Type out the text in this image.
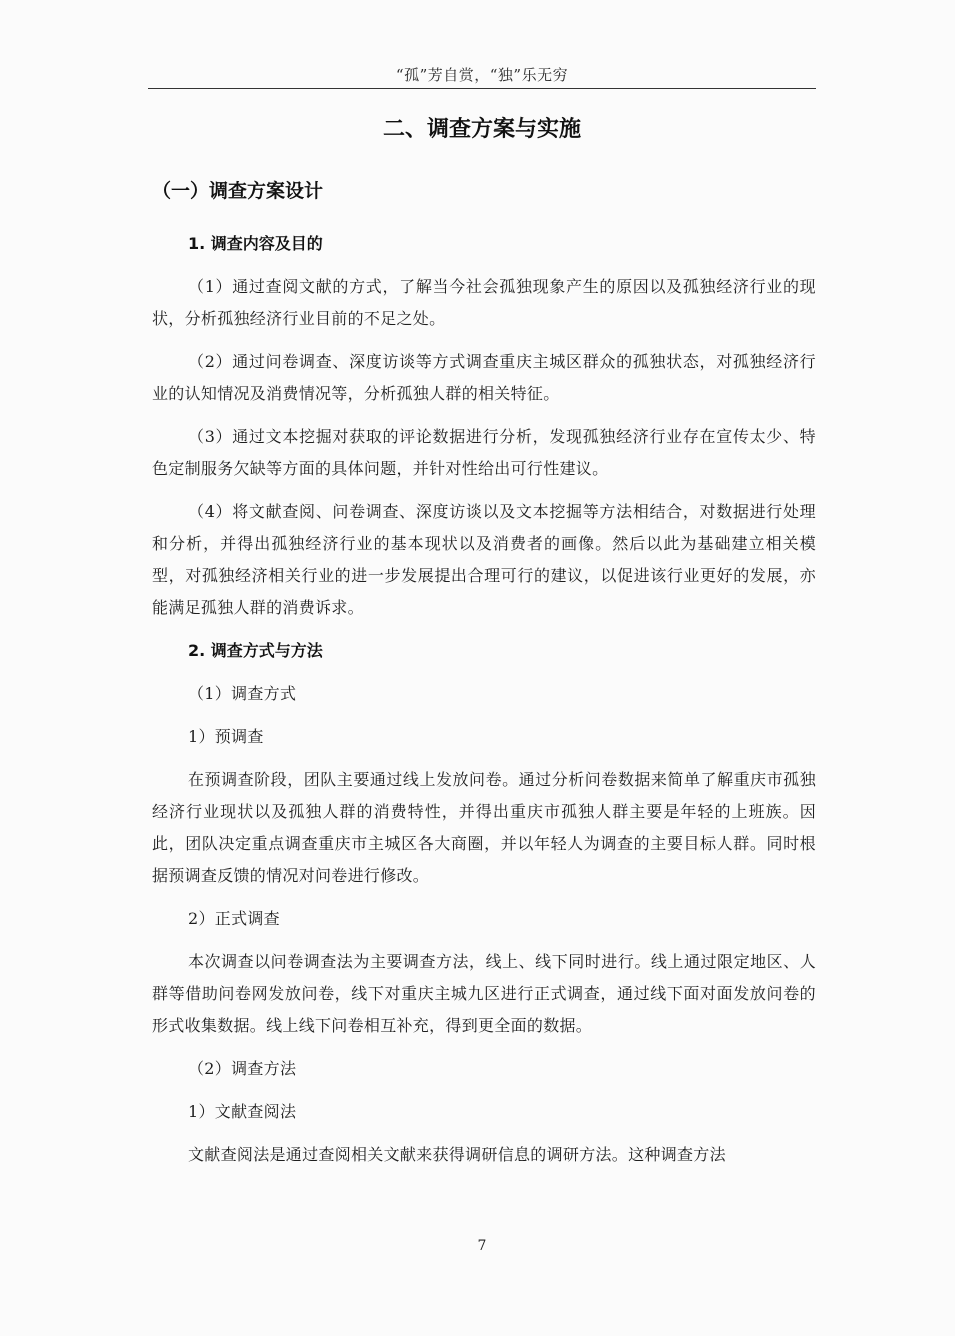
“孤”芳自赏，“独”乐无穷
二、调查方案与实施
（一）调查方案设计
1. 调查内容及目的
（1）通过查阅文献的方式，了解当今社会孤独现象产生的原因以及孤独经济行业的现状，分析孤独经济行业目前的不足之处。
（2）通过问卷调查、深度访谈等方式调查重庆主城区群众的孤独状态，对孤独经济行业的认知情况及消费情况等，分析孤独人群的相关特征。
（3）通过文本挖掘对获取的评论数据进行分析，发现孤独经济行业存在宣传太少、特色定制服务欠缺等方面的具体问题，并针对性给出可行性建议。
（4）将文献查阅、问卷调查、深度访谈以及文本挖掘等方法相结合，对数据进行处理和分析，并得出孤独经济行业的基本现状以及消费者的画像。然后以此为基础建立相关模型，对孤独经济相关行业的进一步发展提出合理可行的建议，以促进该行业更好的发展，亦能满足孤独人群的消费诉求。
2. 调查方式与方法
（1）调查方式
1）预调查
在预调查阶段，团队主要通过线上发放问卷。通过分析问卷数据来简单了解重庆市孤独经济行业现状以及孤独人群的消费特性，并得出重庆市孤独人群主要是年轻的上班族。因此，团队决定重点调查重庆市主城区各大商圈，并以年轻人为调查的主要目标人群。同时根据预调查反馈的情况对问卷进行修改。
2）正式调查
本次调查以问卷调查法为主要调查方法，线上、线下同时进行。线上通过限定地区、人群等借助问卷网发放问卷，线下对重庆主城九区进行正式调查，通过线下面对面发放问卷的形式收集数据。线上线下问卷相互补充，得到更全面的数据。
（2）调查方法
1）文献查阅法
文献查阅法是通过查阅相关文献来获得调研信息的调研方法。这种调查方法
7
